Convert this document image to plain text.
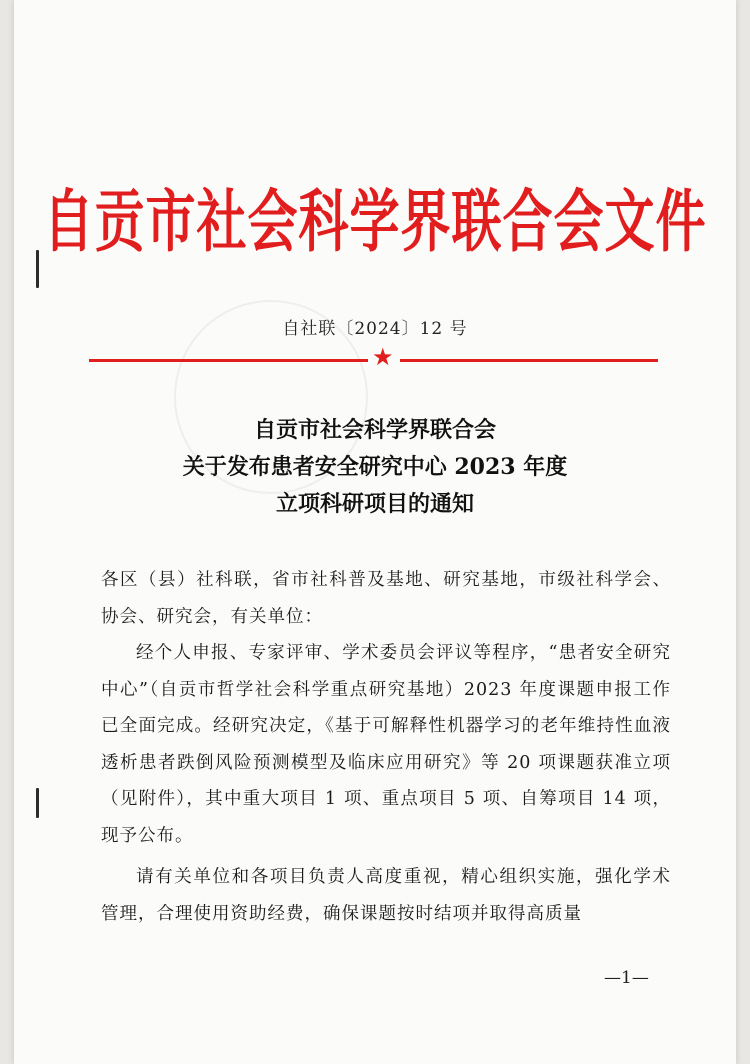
自贡市社会科学界联合会文件
自社联〔2024〕12 号
★
自贡市社会科学界联合会
关于发布患者安全研究中心 2023 年度
立项科研项目的通知

各区（县）社科联，省市社科普及基地、研究基地，市级社科学会、协会、研究会，有关单位：

经个人申报、专家评审、学术委员会评议等程序，“患者安全研究中心”（自贡市哲学社会科学重点研究基地）2023 年度课题申报工作已全面完成。经研究决定，《基于可解释性机器学习的老年维持性血液透析患者跌倒风险预测模型及临床应用研究》等 20 项课题获准立项（见附件），其中重大项目 1 项、重点项目 5 项、自筹项目 14 项，现予公布。

请有关单位和各项目负责人高度重视，精心组织实施，强化学术管理，合理使用资助经费，确保课题按时结项并取得高质量

—1—
